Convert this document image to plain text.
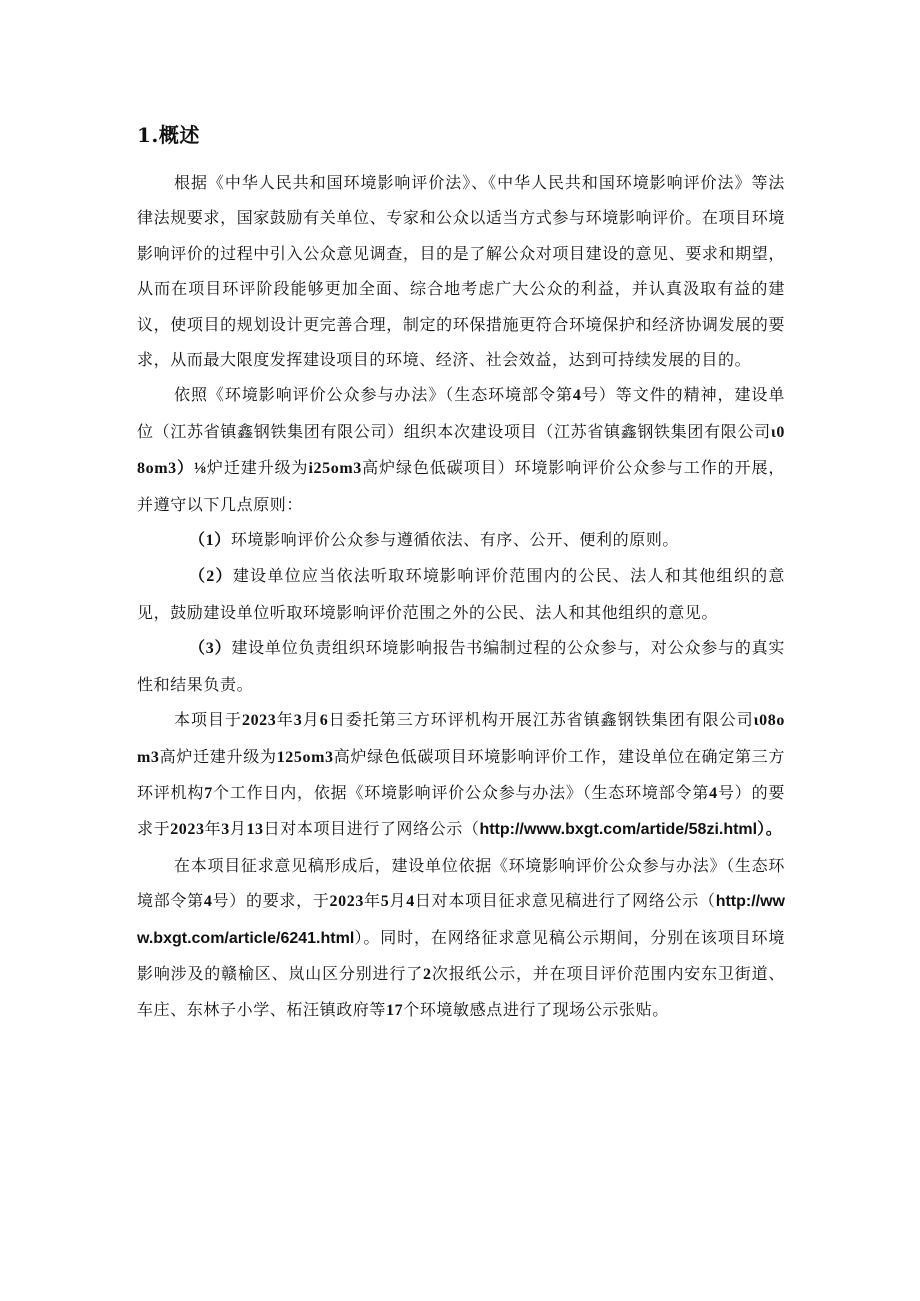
1.概述

根据《中华人民共和国环境影响评价法》、《中华人民共和国环境影响评价法》等法律法规要求，国家鼓励有关单位、专家和公众以适当方式参与环境影响评价。在项目环境影响评价的过程中引入公众意见调查，目的是了解公众对项目建设的意见、要求和期望，从而在项目环评阶段能够更加全面、综合地考虑广大公众的利益，并认真汲取有益的建议，使项目的规划设计更完善合理，制定的环保措施更符合环境保护和经济协调发展的要求，从而最大限度发挥建设项目的环境、经济、社会效益，达到可持续发展的目的。

依照《环境影响评价公众参与办法》（生态环境部令第4号）等文件的精神，建设单位（江苏省镇鑫钢铁集团有限公司）组织本次建设项目（江苏省镇鑫钢铁集团有限公司ι08om3）⅛炉迁建升级为i25om3高炉绿色低碳项目）环境影响评价公众参与工作的开展，并遵守以下几点原则：

（1）环境影响评价公众参与遵循依法、有序、公开、便利的原则。

（2）建设单位应当依法听取环境影响评价范围内的公民、法人和其他组织的意见，鼓励建设单位听取环境影响评价范围之外的公民、法人和其他组织的意见。

（3）建设单位负责组织环境影响报告书编制过程的公众参与，对公众参与的真实性和结果负责。

本项目于2023年3月6日委托第三方环评机构开展江苏省镇鑫钢铁集团有限公司ι08om3高炉迁建升级为125om3高炉绿色低碳项目环境影响评价工作，建设单位在确定第三方环评机构7个工作日内，依据《环境影响评价公众参与办法》（生态环境部令第4号）的要求于2023年3月13日对本项目进行了网络公示（http://www.bxgt.com/artide/58zi.html）。

在本项目征求意见稿形成后，建设单位依据《环境影响评价公众参与办法》（生态环境部令第4号）的要求，于2023年5月4日对本项目征求意见稿进行了网络公示（http://www.bxgt.com/article/6241.html）。同时，在网络征求意见稿公示期间，分别在该项目环境影响涉及的赣榆区、岚山区分别进行了2次报纸公示，并在项目评价范围内安东卫街道、车庄、东林子小学、柘汪镇政府等17个环境敏感点进行了现场公示张贴。
